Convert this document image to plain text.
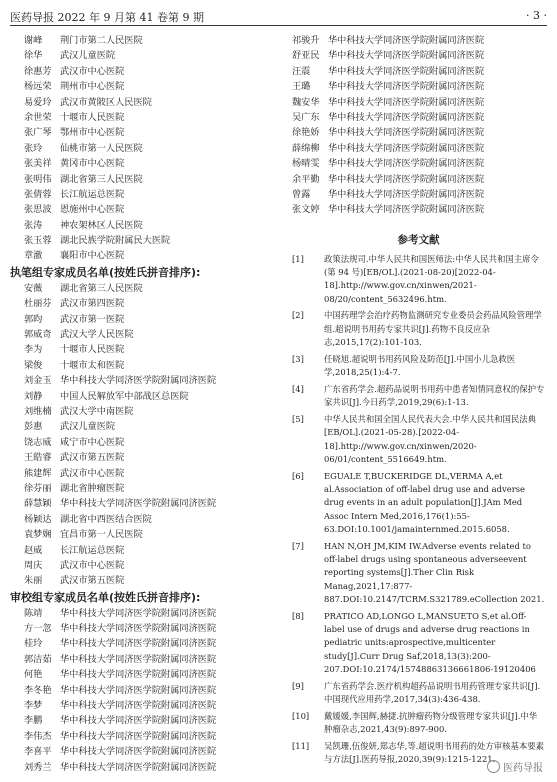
医药导报 2022 年 9 月第 41 卷第 9 期	· 3 ·
谢峰 荆门市第二人民医院
徐华 武汉儿童医院
徐惠芳 武汉市中心医院
杨远荣 荆州市中心医院
易爱玲 武汉市黄陂区人民医院
余世荣 十堰市人民医院
张广琴 鄂州市中心医院
张玲 仙桃市第一人民医院
张美祥 黄冈市中心医院
张明伟 湖北省第三人民医院
张倩蓉 长江航运总医院
张思波 恩施州中心医院
张涛 神农架林区人民医院
张玉蓉 湖北民族学院附属民大医院
章澈 襄阳市中心医院
执笔组专家成员名单(按姓氏拼音排序):
安薇 湖北省第三人民医院
杜丽芬 武汉市第四医院
郭昀 武汉市第一医院
郭威奇 武汉大学人民医院
李为 十堰市人民医院
梁俊 十堰市太和医院
刘金玉 华中科技大学同济医学院附属同济医院
刘静 中国人民解放军中部战区总医院
刘维楠 武汉大学中南医院
彭惠 武汉儿童医院
饶志威 咸宁市中心医院
王皓睿 武汉市第五医院
熊建辉 武汉市中心医院
徐芬丽 湖北省肿瘤医院
薛慧颖 华中科技大学同济医学院附属同济医院
杨颖达 湖北省中西医结合医院
袁梦娴 宜昌市第一人民医院
赵威 长江航运总医院
周庆 武汉市中心医院
朱丽 武汉市第五医院
审校组专家成员名单(按姓氏拼音排序):
陈靖 华中科技大学同济医学院附属同济医院
方一忽 华中科技大学同济医学院附属同济医院
桂玲 华中科技大学同济医学院附属同济医院
郭洁茹 华中科技大学同济医学院附属同济医院
何艳 华中科技大学同济医学院附属同济医院
李冬艳 华中科技大学同济医学院附属同济医院
李梦 华中科技大学同济医学院附属同济医院
李鹏 华中科技大学同济医学院附属同济医院
李伟杰 华中科技大学同济医学院附属同济医院
李喜平 华中科技大学同济医学院附属同济医院
刘秀兰 华中科技大学同济医学院附属同济医院
祁骏升 华中科技大学同济医学院附属同济医院
舒亚民 华中科技大学同济医学院附属同济医院
汪震 华中科技大学同济医学院附属同济医院
王璐 华中科技大学同济医学院附属同济医院
魏安华 华中科技大学同济医学院附属同济医院
吴广东 华中科技大学同济医学院附属同济医院
徐艳娇 华中科技大学同济医学院附属同济医院
薛绵柳 华中科技大学同济医学院附属同济医院
杨晴雯 华中科技大学同济医学院附属同济医院
余平勤 华中科技大学同济医学院附属同济医院
曾露 华中科技大学同济医学院附属同济医院
张文婷 华中科技大学同济医学院附属同济医院
参考文献
[1]	政策法规司.中华人民共和国医师法:中华人民共和国主席令(第 94 号)[EB/OL].(2021-08-20)[2022-04-18].http://www.gov.cn/xinwen/2021-08/20/content_5632496.htm.
[2]	中国药理学会治疗药物监测研究专业委员会药品风险管理学组.超说明书用药专家共识[J].药物不良反应杂志,2015,17(2):101-103.
[3]	任晓旭.超说明书用药风险及防范[J].中国小儿急救医学,2018,25(1):4-7.
[4]	广东省药学会.超药品说明书用药中患者知情同意权的保护专家共识[J].今日药学,2019,29(6):1-13.
[5]	中华人民共和国全国人民代表大会.中华人民共和国民法典[EB/OL].(2021-05-28).[2022-04-18].http://www.gov.cn/xinwen/2020-06/01/content_5516649.htm.
[6]	EGUALE T,BUCKERIDGE DL,VERMA A,et al.Association of off-label drug use and adverse drug events in an adult population[J].JAm Med Assoc Intern Med,2016,176(1):55-63.DOI:10.1001/jamainternmed.2015.6058.
[7]	HAN N,OH JM,KIM IW.Adverse events related to off-label drugs using spontaneous adverseevent reporting systems[J].Ther Clin Risk Manag,2021,17:877-887.DOI:10.2147/TCRM.S321789.eCollection 2021.
[8]	PRATICO AD,LONGO L,MANSUETO S,et al.Off-label use of drugs and adverse drug reactions in pediatric units:aprospective,multicenter study[J].Curr Drug Saf,2018,13(3):200-207.DOI:10.2174/15748863136661806-19120406
[9]	广东省药学会.医疗机构超药品说明书用药管理专家共识[J].中国现代应用药学,2017,34(3):436-438.
[10]	戴媛媛,李国辉,赫捷.抗肿瘤药物分级管理专家共识[J].中华肿瘤杂志,2021,43(9):897-900.
[11]	吴凯珊,伍俊妍,郑志华,等.超说明书用药的处方审核基本要素与方法[J].医药导报,2020,39(9):1215-1221.
医药导报
